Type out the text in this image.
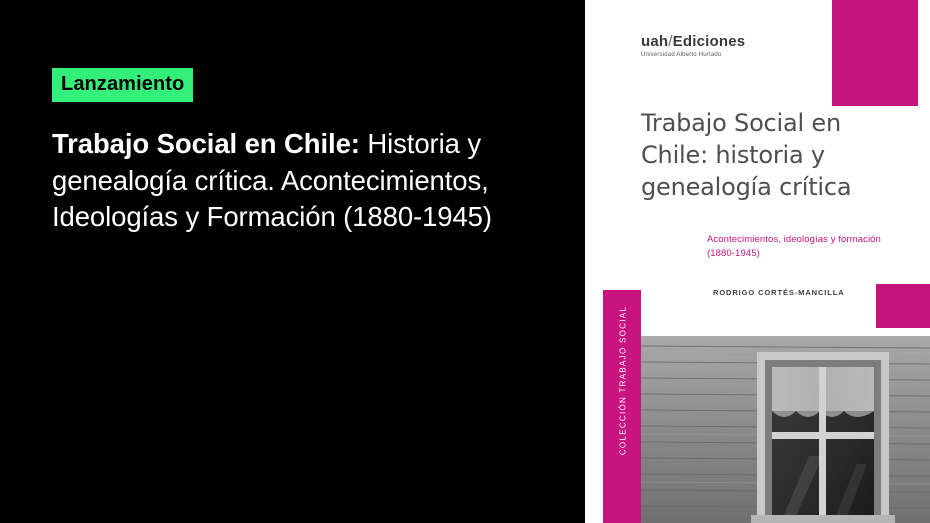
Lanzamiento
Trabajo Social en Chile: Historia y genealogía crítica. Acontecimientos, Ideologías y Formación (1880-1945)
COLECCIÓN TRABAJO SOCIAL
uah/Ediciones
Universidad Alberto Hurtado
Trabajo Social en Chile: historia y genealogía crítica
Acontecimientos, ideologías y formación
(1880-1945)
RODRIGO CORTÉS-MANCILLA
